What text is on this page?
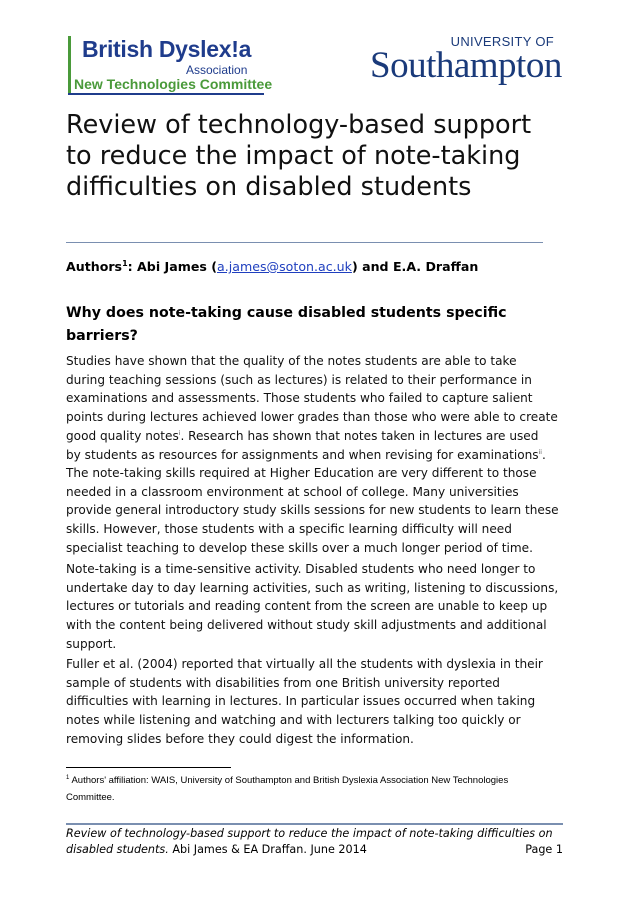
British Dyslex!a
Association
New Technologies Committee
UNIVERSITY OF
Southampton
Review of technology-based support to reduce the impact of note-taking difficulties on disabled students
Authors$^1$: Abi James (a.james@soton.ac.uk) and E.A. Draffan
Why does note-taking cause disabled students specific barriers?
Studies have shown that the quality of the notes students are able to take
during teaching sessions (such as lectures) is related to their performance in
examinations and assessments. Those students who failed to capture salient
points during lectures achieved lower grades than those who were able to create
good quality notes$^i$. Research has shown that notes taken in lectures are used
by students as resources for assignments and when revising for examinations$^{ii}$.
The note-taking skills required at Higher Education are very different to those
needed in a classroom environment at school of college. Many universities
provide general introductory study skills sessions for new students to learn these
skills. However, those students with a specific learning difficulty will need
specialist teaching to develop these skills over a much longer period of time.
Note-taking is a time-sensitive activity. Disabled students who need longer to
undertake day to day learning activities, such as writing, listening to discussions,
lectures or tutorials and reading content from the screen are unable to keep up
with the content being delivered without study skill adjustments and additional
support.
Fuller et al. (2004) reported that virtually all the students with dyslexia in their
sample of students with disabilities from one British university reported
difficulties with learning in lectures. In particular issues occurred when taking
notes while listening and watching and with lecturers talking too quickly or
removing slides before they could digest the information.
$^1$ Authors' affiliation: WAIS, University of Southampton and British Dyslexia Association New Technologies Committee.
Review of technology-based support to reduce the impact of note-taking difficulties on
disabled students. Abi James & EA Draffan. June 2014	Page 1
